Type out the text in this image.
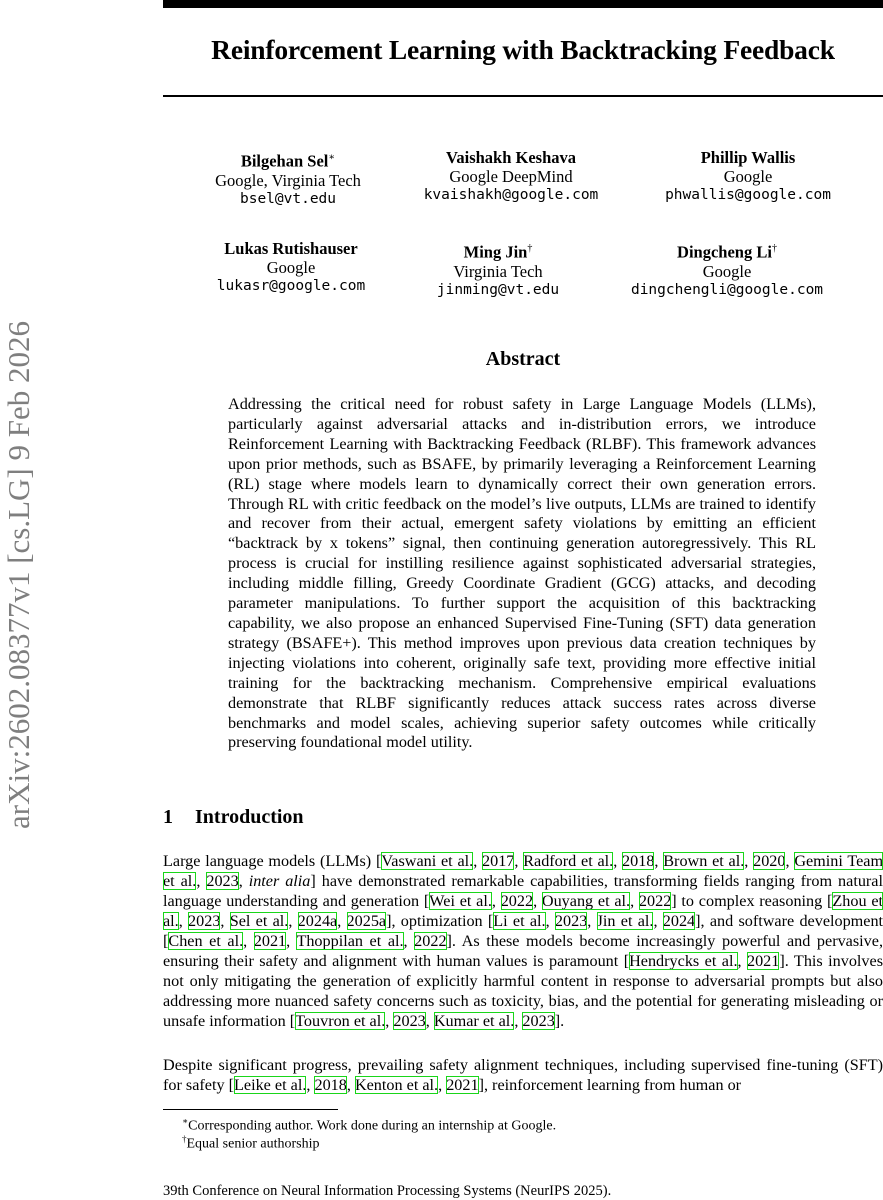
Reinforcement Learning with Backtracking Feedback
arXiv:2602.08377v1 [cs.LG] 9 Feb 2026
Bilgehan Sel∗
Google, Virginia Tech
bsel@vt.edu
Vaishakh Keshava
Google DeepMind
kvaishakh@google.com
Phillip Wallis
Google
phwallis@google.com
Lukas Rutishauser
Google
lukasr@google.com
Ming Jin†
Virginia Tech
jinming@vt.edu
Dingcheng Li†
Google
dingchengli@google.com
Abstract

Addressing the critical need for robust safety in Large Language Models (LLMs), particularly against adversarial attacks and in-distribution errors, we introduce Reinforcement Learning with Backtracking Feedback (RLBF). This framework advances upon prior methods, such as BSAFE, by primarily leveraging a Reinforcement Learning (RL) stage where models learn to dynamically correct their own generation errors. Through RL with critic feedback on the model’s live outputs, LLMs are trained to identify and recover from their actual, emergent safety violations by emitting an efficient “backtrack by x tokens” signal, then continuing generation autoregressively. This RL process is crucial for instilling resilience against sophisticated adversarial strategies, including middle filling, Greedy Coordinate Gradient (GCG) attacks, and decoding parameter manipulations. To further support the acquisition of this backtracking capability, we also propose an enhanced Supervised Fine-Tuning (SFT) data generation strategy (BSAFE+). This method improves upon previous data creation techniques by injecting violations into coherent, originally safe text, providing more effective initial training for the backtracking mechanism. Comprehensive empirical evaluations demonstrate that RLBF significantly reduces attack success rates across diverse benchmarks and model scales, achieving superior safety outcomes while critically preserving foundational model utility.

1 Introduction

Large language models (LLMs) [Vaswani et al., 2017, Radford et al., 2018, Brown et al., 2020, Gemini Team et al., 2023, inter alia] have demonstrated remarkable capabilities, transforming fields ranging from natural language understanding and generation [Wei et al., 2022, Ouyang et al., 2022] to complex reasoning [Zhou et al., 2023, Sel et al., 2024a, 2025a], optimization [Li et al., 2023, Jin et al., 2024], and software development [Chen et al., 2021, Thoppilan et al., 2022]. As these models become increasingly powerful and pervasive, ensuring their safety and alignment with human values is paramount [Hendrycks et al., 2021]. This involves not only mitigating the generation of explicitly harmful content in response to adversarial prompts but also addressing more nuanced safety concerns such as toxicity, bias, and the potential for generating misleading or unsafe information [Touvron et al., 2023, Kumar et al., 2023].

Despite significant progress, prevailing safety alignment techniques, including supervised fine-tuning (SFT) for safety [Leike et al., 2018, Kenton et al., 2021], reinforcement learning from human or

∗Corresponding author. Work done during an internship at Google.
†Equal senior authorship
39th Conference on Neural Information Processing Systems (NeurIPS 2025).
